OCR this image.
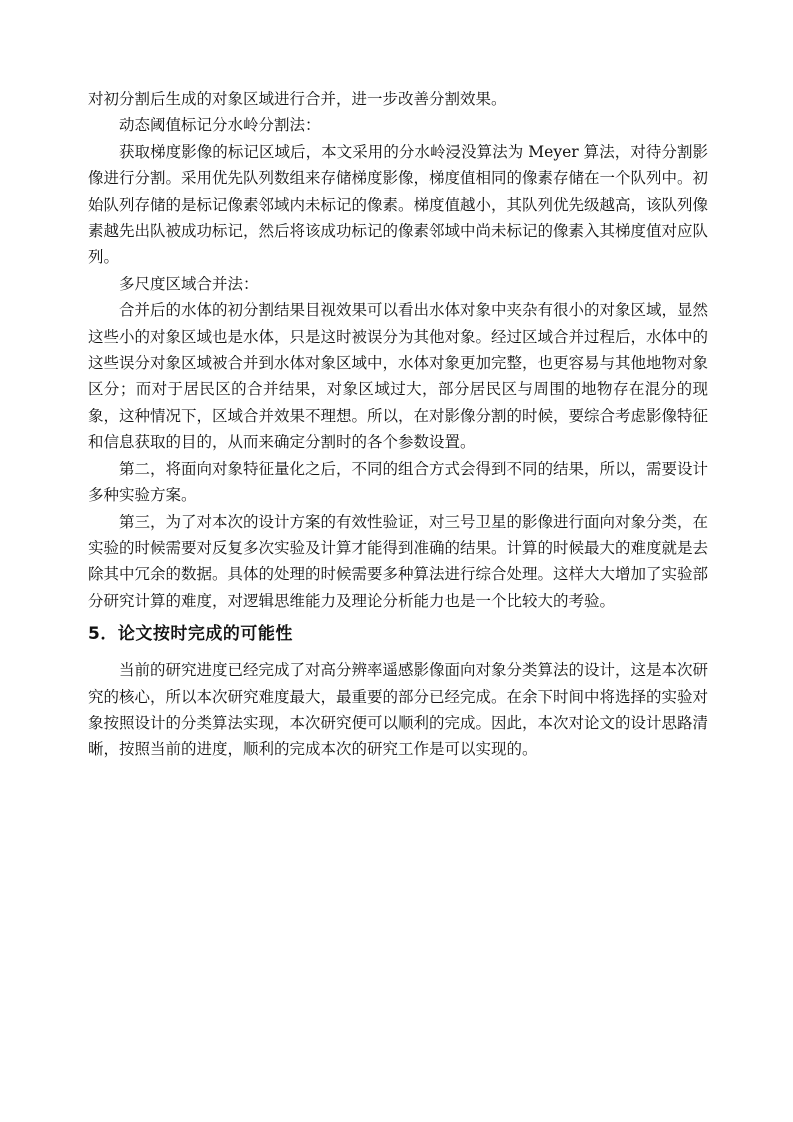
对初分割后生成的对象区域进行合并，进一步改善分割效果。

动态阈值标记分水岭分割法：

获取梯度影像的标记区域后，本文采用的分水岭浸没算法为 Meyer 算法，对待分割影像进行分割。采用优先队列数组来存储梯度影像，梯度值相同的像素存储在一个队列中。初始队列存储的是标记像素邻域内未标记的像素。梯度值越小，其队列优先级越高，该队列像素越先出队被成功标记，然后将该成功标记的像素邻域中尚未标记的像素入其梯度值对应队列。

多尺度区域合并法：

合并后的水体的初分割结果目视效果可以看出水体对象中夹杂有很小的对象区域，显然这些小的对象区域也是水体，只是这时被误分为其他对象。经过区域合并过程后，水体中的这些误分对象区域被合并到水体对象区域中，水体对象更加完整，也更容易与其他地物对象区分；而对于居民区的合并结果，对象区域过大，部分居民区与周围的地物存在混分的现象，这种情况下，区域合并效果不理想。所以，在对影像分割的时候，要综合考虑影像特征和信息获取的目的，从而来确定分割时的各个参数设置。

第二，将面向对象特征量化之后，不同的组合方式会得到不同的结果，所以，需要设计多种实验方案。

第三，为了对本次的设计方案的有效性验证，对三号卫星的影像进行面向对象分类，在实验的时候需要对反复多次实验及计算才能得到准确的结果。计算的时候最大的难度就是去除其中冗余的数据。具体的处理的时候需要多种算法进行综合处理。这样大大增加了实验部分研究计算的难度，对逻辑思维能力及理论分析能力也是一个比较大的考验。

5．论文按时完成的可能性

当前的研究进度已经完成了对高分辨率遥感影像面向对象分类算法的设计，这是本次研究的核心，所以本次研究难度最大，最重要的部分已经完成。在余下时间中将选择的实验对象按照设计的分类算法实现，本次研究便可以顺利的完成。因此，本次对论文的设计思路清晰，按照当前的进度，顺利的完成本次的研究工作是可以实现的。
